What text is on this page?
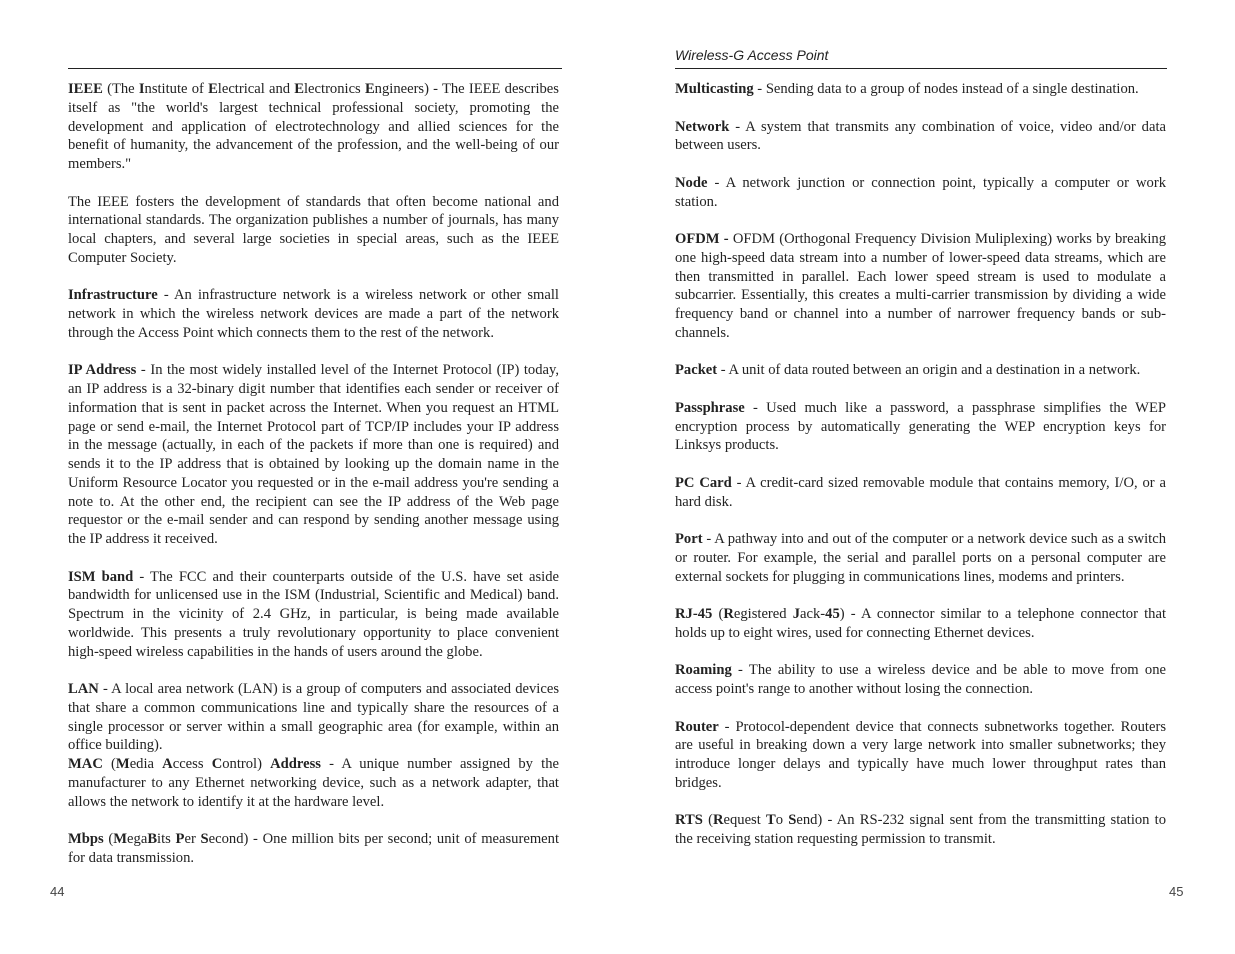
IEEE (The Institute of Electrical and Electronics Engineers) - The IEEE describes itself as "the world's largest technical professional society, promoting the development and application of electrotechnology and allied sciences for the benefit of humanity, the advancement of the profession, and the well-being of our members."

The IEEE fosters the development of standards that often become national and international standards. The organization publishes a number of journals, has many local chapters, and several large societies in special areas, such as the IEEE Computer Society.

Infrastructure - An infrastructure network is a wireless network or other small network in which the wireless network devices are made a part of the network through the Access Point which connects them to the rest of the network.

IP Address - In the most widely installed level of the Internet Protocol (IP) today, an IP address is a 32-binary digit number that identifies each sender or receiver of information that is sent in packet across the Internet. When you request an HTML page or send e-mail, the Internet Protocol part of TCP/IP includes your IP address in the message (actually, in each of the packets if more than one is required) and sends it to the IP address that is obtained by looking up the domain name in the Uniform Resource Locator you requested or in the e-mail address you're sending a note to. At the other end, the recipient can see the IP address of the Web page requestor or the e-mail sender and can respond by sending another message using the IP address it received.

ISM band - The FCC and their counterparts outside of the U.S. have set aside bandwidth for unlicensed use in the ISM (Industrial, Scientific and Medical) band. Spectrum in the vicinity of 2.4 GHz, in particular, is being made available worldwide. This presents a truly revolutionary opportunity to place convenient high-speed wireless capabilities in the hands of users around the globe.

LAN - A local area network (LAN) is a group of computers and associated devices that share a common communications line and typically share the resources of a single processor or server within a small geographic area (for example, within an office building).

MAC (Media Access Control) Address - A unique number assigned by the manufacturer to any Ethernet networking device, such as a network adapter, that allows the network to identify it at the hardware level.

Mbps (MegaBits Per Second) - One million bits per second; unit of measurement for data transmission.

44
Wireless-G Access Point

Multicasting - Sending data to a group of nodes instead of a single destination.

Network - A system that transmits any combination of voice, video and/or data between users.

Node - A network junction or connection point, typically a computer or work station.

OFDM - OFDM (Orthogonal Frequency Division Muliplexing) works by breaking one high-speed data stream into a number of lower-speed data streams, which are then transmitted in parallel. Each lower speed stream is used to modulate a subcarrier. Essentially, this creates a multi-carrier transmission by dividing a wide frequency band or channel into a number of narrower frequency bands or sub-channels.

Packet - A unit of data routed between an origin and a destination in a network.

Passphrase - Used much like a password, a passphrase simplifies the WEP encryption process by automatically generating the WEP encryption keys for Linksys products.

PC Card - A credit-card sized removable module that contains memory, I/O, or a hard disk.

Port - A pathway into and out of the computer or a network device such as a switch or router. For example, the serial and parallel ports on a personal computer are external sockets for plugging in communications lines, modems and printers.

RJ-45 (Registered Jack-45) - A connector similar to a telephone connector that holds up to eight wires, used for connecting Ethernet devices.

Roaming - The ability to use a wireless device and be able to move from one access point's range to another without losing the connection.

Router - Protocol-dependent device that connects subnetworks together. Routers are useful in breaking down a very large network into smaller subnetworks; they introduce longer delays and typically have much lower throughput rates than bridges.

RTS (Request To Send) - An RS-232 signal sent from the transmitting station to the receiving station requesting permission to transmit.

45
